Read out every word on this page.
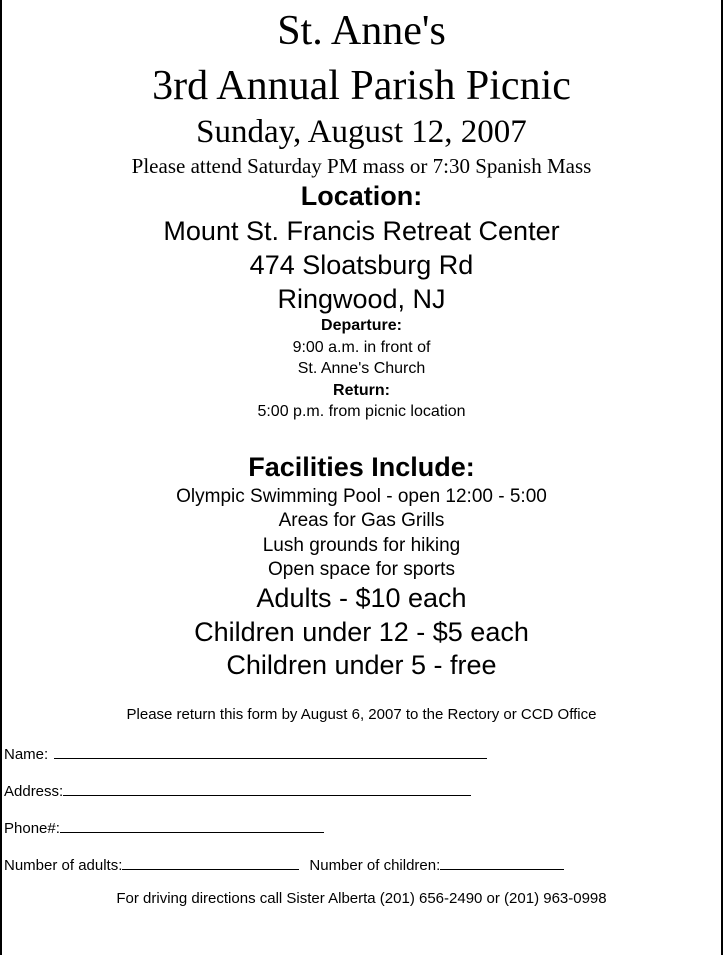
St. Anne's
3rd Annual Parish Picnic
Sunday, August 12, 2007
Please attend Saturday PM mass or 7:30 Spanish Mass
Location:
Mount St. Francis Retreat Center
474 Sloatsburg Rd
Ringwood, NJ
Departure:
9:00 a.m. in front of
St. Anne's Church
Return:
5:00 p.m. from picnic location
Facilities Include:
Olympic Swimming Pool - open 12:00 - 5:00
Areas for Gas Grills
Lush grounds for hiking
Open space for sports
Adults - $10 each
Children under 12 - $5 each
Children under 5 - free
Please return this form by August 6, 2007 to the Rectory or CCD Office
Name:
Address:
Phone#:
Number of adults:	Number of children:
For driving directions call Sister Alberta (201) 656-2490 or (201) 963-0998
